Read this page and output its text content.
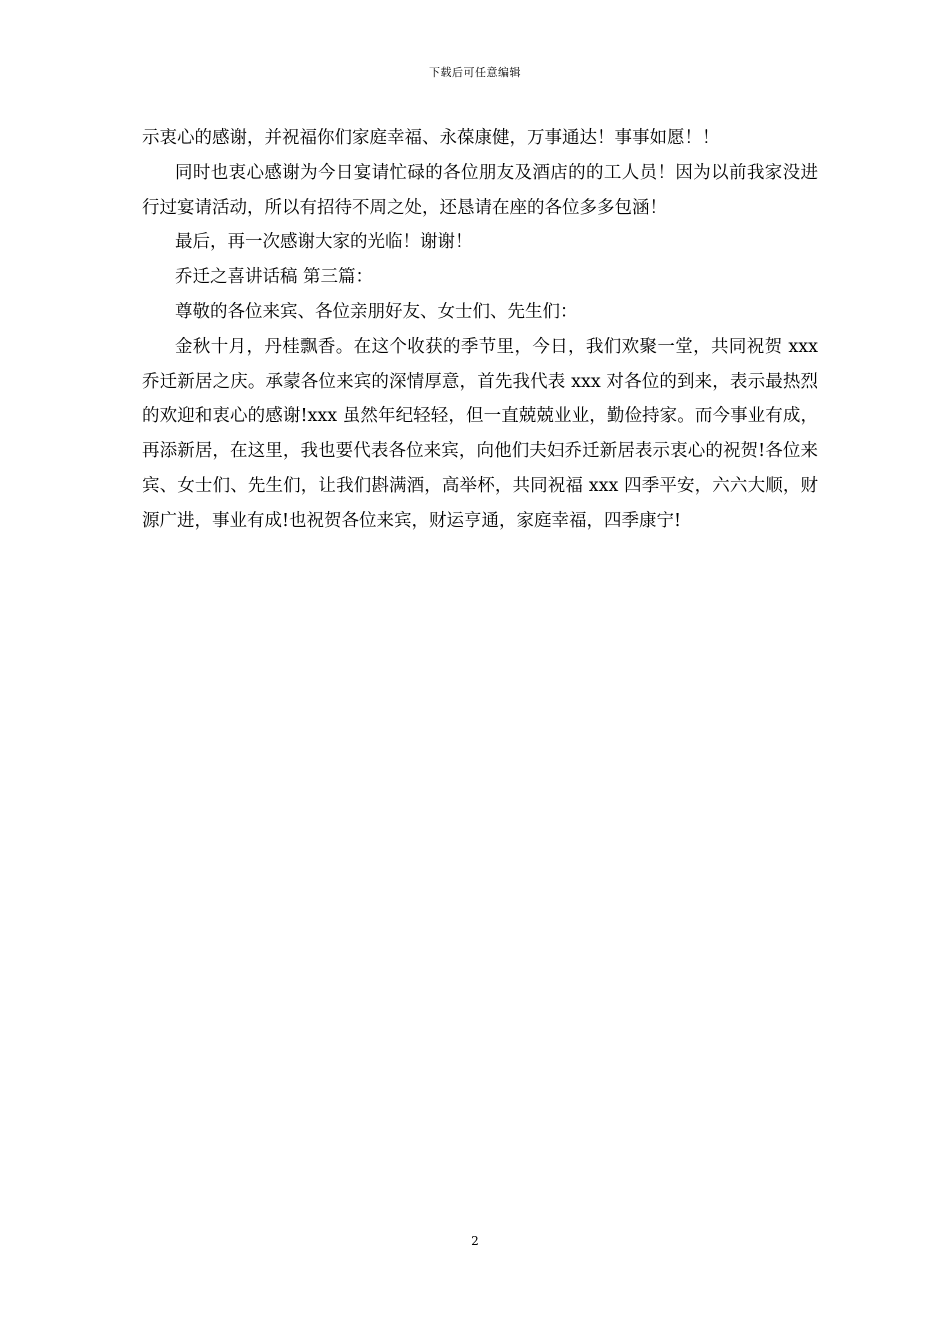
下载后可任意编辑

示衷心的感谢，并祝福你们家庭幸福、永葆康健，万事通达！事事如愿！！

同时也衷心感谢为今日宴请忙碌的各位朋友及酒店的的工人员！因为以前我家没进行过宴请活动，所以有招待不周之处，还恳请在座的各位多多包涵！

最后，再一次感谢大家的光临！谢谢！

乔迁之喜讲话稿 第三篇：

尊敬的各位来宾、各位亲朋好友、女士们、先生们：

金秋十月，丹桂飘香。在这个收获的季节里，今日，我们欢聚一堂，共同祝贺 xxx 乔迁新居之庆。承蒙各位来宾的深情厚意，首先我代表 xxx 对各位的到来，表示最热烈的欢迎和衷心的感谢!xxx 虽然年纪轻轻，但一直兢兢业业，勤俭持家。而今事业有成，再添新居，在这里，我也要代表各位来宾，向他们夫妇乔迁新居表示衷心的祝贺!各位来宾、女士们、先生们，让我们斟满酒，高举杯，共同祝福 xxx 四季平安，六六大顺，财源广进，事业有成!也祝贺各位来宾，财运亨通，家庭幸福，四季康宁!

2
